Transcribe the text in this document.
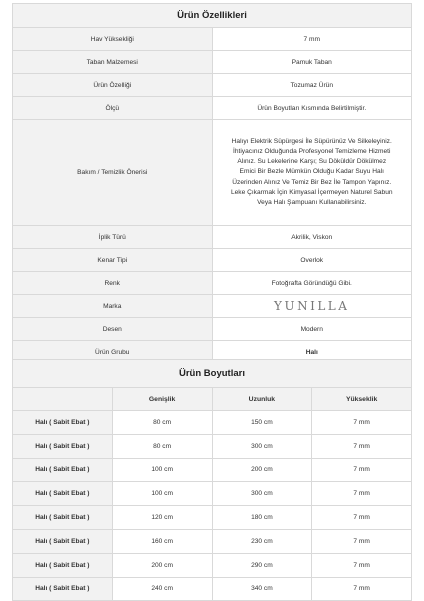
Ürün Özellikleri	
Hav Yüksekliği	7 mm
Taban Malzemesi	Pamuk Taban
Ürün Özelliği	Tozumaz Ürün
Ölçü	Ürün Boyutları Kısmında Belirtilmiştir.
Bakım / Temizlik Önerisi	Halıyı Elektrik Süpürgesi İle Süpürünüz Ve Silkeleyiniz. İhtiyacınız Olduğunda Profesyonel Temizleme Hizmeti Alınız. Su Lekelerine Karşı; Su Döküldür Dökülmez Emici Bir Bezle Mümkün Olduğu Kadar Suyu Halı Üzerinden Alınız Ve Temiz Bir Bez İle Tampon Yapınız. Leke Çıkarmak İçin Kimyasal İçermeyen Naturel Sabun Veya Halı Şampuanı Kullanabilirsiniz.
İplik Türü	Akrilik, Viskon
Kenar Tipi	Overlok
Renk	Fotoğrafta Göründüğü Gibi.
Marka	YUNILLA
Desen	Modern
Ürün Grubu	Halı
Ürün Boyutları			
	Genişlik	Uzunluk	Yükseklik
Halı ( Sabit Ebat )	80 cm	150 cm	7 mm
Halı ( Sabit Ebat )	80 cm	300 cm	7 mm
Halı ( Sabit Ebat )	100 cm	200 cm	7 mm
Halı ( Sabit Ebat )	100 cm	300 cm	7 mm
Halı ( Sabit Ebat )	120 cm	180 cm	7 mm
Halı ( Sabit Ebat )	160 cm	230 cm	7 mm
Halı ( Sabit Ebat )	200 cm	290 cm	7 mm
Halı ( Sabit Ebat )	240 cm	340 cm	7 mm
